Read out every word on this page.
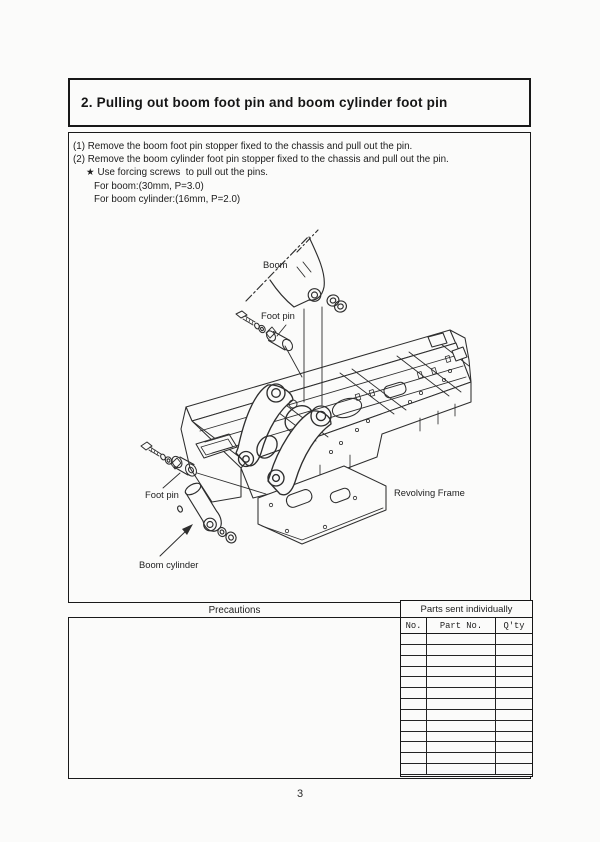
2. Pulling out boom foot pin and boom cylinder foot pin
(1) Remove the boom foot pin stopper fixed to the chassis and pull out the pin.
(2) Remove the boom cylinder foot pin stopper fixed to the chassis and pull out the pin.
★ Use forcing screws  to pull out the pins.
For boom:(30mm, P=3.0)
For boom cylinder:(16mm, P=2.0)
Boom
Foot pin
Foot pin	Revolving Frame
Boom cylinder
Precautions	Parts sent individually
No.	Part No.	Q'ty
3
